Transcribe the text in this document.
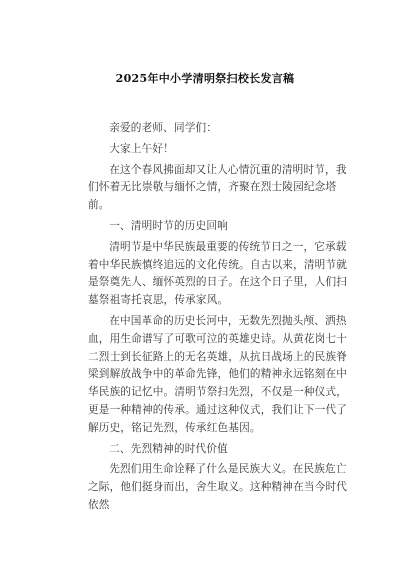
2025年中小学清明祭扫校长发言稿

亲爱的老师、同学们：

大家上午好！

在这个春风拂面却又让人心情沉重的清明时节，我们怀着无比崇敬与缅怀之情，齐聚在烈士陵园纪念塔前。

一、清明时节的历史回响

清明节是中华民族最重要的传统节日之一，它承载着中华民族慎终追远的文化传统。自古以来，清明节就是祭奠先人、缅怀英烈的日子。在这个日子里，人们扫墓祭祖寄托哀思，传承家风。

在中国革命的历史长河中，无数先烈抛头颅、洒热血，用生命谱写了可歌可泣的英雄史诗。从黄花岗七十二烈士到长征路上的无名英雄，从抗日战场上的民族脊梁到解放战争中的革命先锋，他们的精神永远铭刻在中华民族的记忆中。清明节祭扫先烈，不仅是一种仪式，更是一种精神的传承。通过这种仪式，我们让下一代了解历史，铭记先烈，传承红色基因。

二、先烈精神的时代价值

先烈们用生命诠释了什么是民族大义。在民族危亡之际，他们挺身而出，舍生取义。这种精神在当今时代依然
